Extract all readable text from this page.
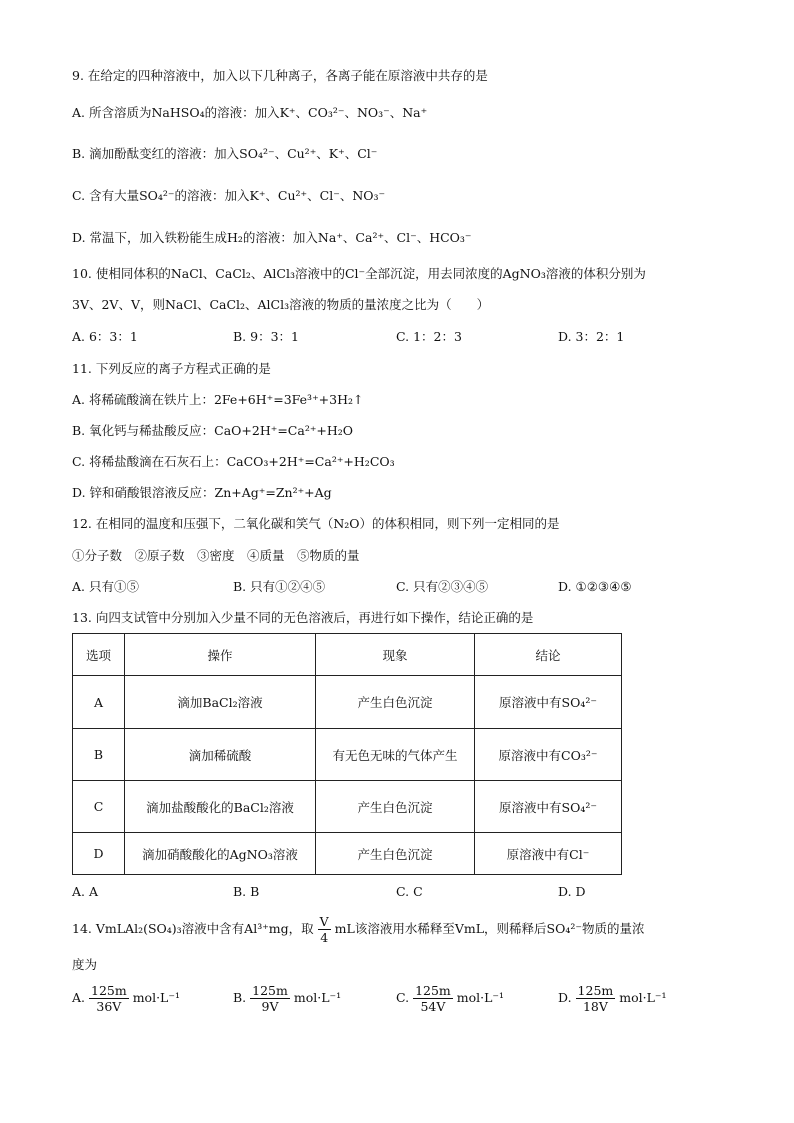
9. 在给定的四种溶液中，加入以下几种离子，各离子能在原溶液中共存的是
A. 所含溶质为NaHSO₄的溶液：加入K⁺、CO₃²⁻、NO₃⁻、Na⁺
B. 滴加酚酞变红的溶液：加入SO₄²⁻、Cu²⁺、K⁺、Cl⁻
C. 含有大量SO₄²⁻的溶液：加入K⁺、Cu²⁺、Cl⁻、NO₃⁻
D. 常温下，加入铁粉能生成H₂的溶液：加入Na⁺、Ca²⁺、Cl⁻、HCO₃⁻
10. 使相同体积的NaCl、CaCl₂、AlCl₃溶液中的Cl⁻全部沉淀，用去同浓度的AgNO₃溶液的体积分别为
3V、2V、V，则NaCl、CaCl₂、AlCl₃溶液的物质的量浓度之比为（　　）
A. 6：3：1	B. 9：3：1	C. 1：2：3	D. 3：2：1
11. 下列反应的离子方程式正确的是
A. 将稀硫酸滴在铁片上：2Fe+6H⁺=3Fe³⁺+3H₂↑
B. 氧化钙与稀盐酸反应：CaO+2H⁺=Ca²⁺+H₂O
C. 将稀盐酸滴在石灰石上：CaCO₃+2H⁺=Ca²⁺+H₂CO₃
D. 锌和硝酸银溶液反应：Zn+Ag⁺=Zn²⁺+Ag
12. 在相同的温度和压强下，二氧化碳和笑气（N₂O）的体积相同，则下列一定相同的是
①分子数　②原子数　③密度　④质量　⑤物质的量
A. 只有①⑤	B. 只有①②④⑤	C. 只有②③④⑤	D. ①②③④⑤
13. 向四支试管中分别加入少量不同的无色溶液后，再进行如下操作，结论正确的是
选项	操作	现象	结论
A	滴加BaCl₂溶液	产生白色沉淀	原溶液中有SO₄²⁻
B	滴加稀硫酸	有无色无味的气体产生	原溶液中有CO₃²⁻
C	滴加盐酸酸化的BaCl₂溶液	产生白色沉淀	原溶液中有SO₄²⁻
D	滴加硝酸酸化的AgNO₃溶液	产生白色沉淀	原溶液中有Cl⁻
A. A	B. B	C. C	D. D
14. VmLAl₂(SO₄)₃溶液中含有Al³⁺mg，取 $\frac{V}{4}$ mL该溶液用水稀释至VmL，则稀释后SO₄²⁻物质的量浓
度为
A. $\frac{125m}{36V} mol\cdot L^{-1}$	B. $\frac{125m}{9V} mol\cdot L^{-1}$	C. $\frac{125m}{54V} mol\cdot L^{-1}$	D. $\frac{125m}{18V} mol\cdot L^{-1}$
